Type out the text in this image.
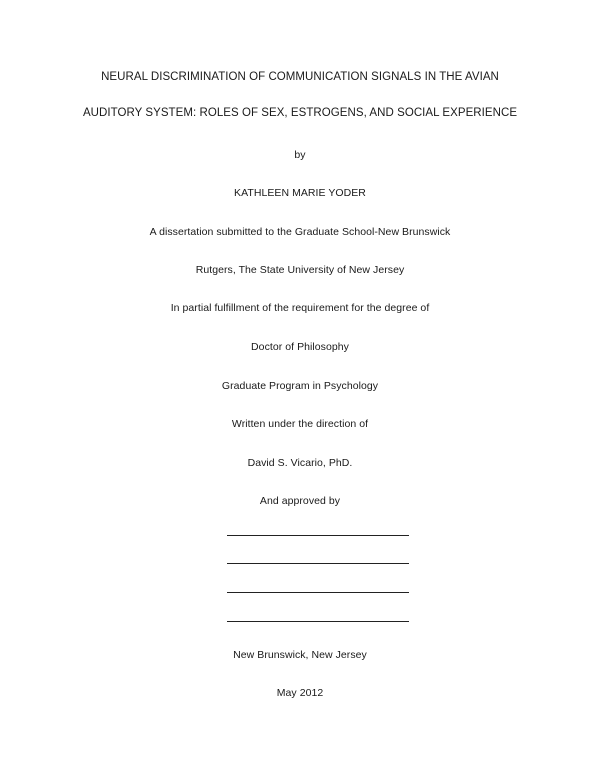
NEURAL DISCRIMINATION OF COMMUNICATION SIGNALS IN THE AVIAN
AUDITORY SYSTEM: ROLES OF SEX, ESTROGENS, AND SOCIAL EXPERIENCE
by
KATHLEEN MARIE YODER
A dissertation submitted to the Graduate School-New Brunswick
Rutgers, The State University of New Jersey
In partial fulfillment of the requirement for the degree of
Doctor of Philosophy
Graduate Program in Psychology
Written under the direction of
David S. Vicario, PhD.
And approved by
New Brunswick, New Jersey
May 2012
